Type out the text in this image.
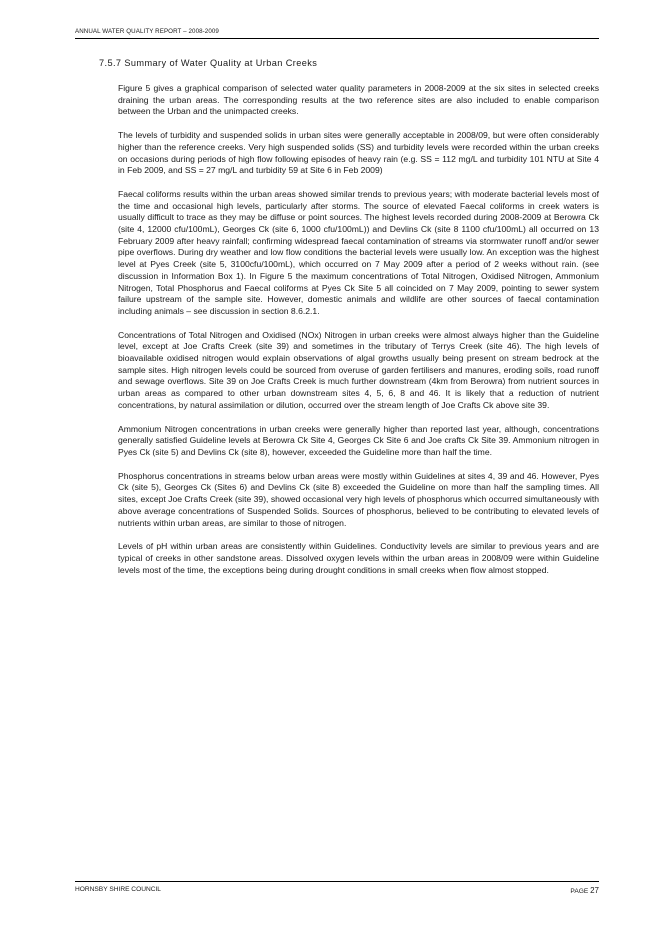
ANNUAL WATER QUALITY REPORT – 2008-2009
7.5.7 Summary of Water Quality at Urban Creeks

Figure 5 gives a graphical comparison of selected water quality parameters in 2008-2009 at the six sites in selected creeks draining the urban areas. The corresponding results at the two reference sites are also included to enable comparison between the Urban and the unimpacted creeks.

The levels of turbidity and suspended solids in urban sites were generally acceptable in 2008/09, but were often considerably higher than the reference creeks. Very high suspended solids (SS) and turbidity levels were recorded within the urban creeks on occasions during periods of high flow following episodes of heavy rain (e.g. SS = 112 mg/L and turbidity 101 NTU at Site 4 in Feb 2009, and SS = 27 mg/L and turbidity 59 at Site 6 in Feb 2009)

Faecal coliforms results within the urban areas showed similar trends to previous years; with moderate bacterial levels most of the time and occasional high levels, particularly after storms. The source of elevated Faecal coliforms in creek waters is usually difficult to trace as they may be diffuse or point sources. The highest levels recorded during 2008-2009 at Berowra Ck (site 4, 12000 cfu/100mL), Georges Ck (site 6, 1000 cfu/100mL)) and Devlins Ck (site 8 1100 cfu/100mL) all occurred on 13 February 2009 after heavy rainfall; confirming widespread faecal contamination of streams via stormwater runoff and/or sewer pipe overflows. During dry weather and low flow conditions the bacterial levels were usually low. An exception was the highest level at Pyes Creek (site 5, 3100cfu/100mL), which occurred on 7 May 2009 after a period of 2 weeks without rain. (see discussion in Information Box 1). In Figure 5 the maximum concentrations of Total Nitrogen, Oxidised Nitrogen, Ammonium Nitrogen, Total Phosphorus and Faecal coliforms at Pyes Ck Site 5 all coincided on 7 May 2009, pointing to sewer system failure upstream of the sample site. However, domestic animals and wildlife are other sources of faecal contamination including animals – see discussion in section 8.6.2.1.

Concentrations of Total Nitrogen and Oxidised (NOx) Nitrogen in urban creeks were almost always higher than the Guideline level, except at Joe Crafts Creek (site 39) and sometimes in the tributary of Terrys Creek (site 46). The high levels of bioavailable oxidised nitrogen would explain observations of algal growths usually being present on stream bedrock at the sample sites. High nitrogen levels could be sourced from overuse of garden fertilisers and manures, eroding soils, road runoff and sewage overflows. Site 39 on Joe Crafts Creek is much further downstream (4km from Berowra) from nutrient sources in urban areas as compared to other urban downstream sites 4, 5, 6, 8 and 46. It is likely that a reduction of nutrient concentrations, by natural assimilation or dilution, occurred over the stream length of Joe Crafts Ck above site 39.

Ammonium Nitrogen concentrations in urban creeks were generally higher than reported last year, although, concentrations generally satisfied Guideline levels at Berowra Ck Site 4, Georges Ck Site 6 and Joe crafts Ck Site 39. Ammonium nitrogen in Pyes Ck (site 5) and Devlins Ck (site 8), however, exceeded the Guideline more than half the time.

Phosphorus concentrations in streams below urban areas were mostly within Guidelines at sites 4, 39 and 46. However, Pyes Ck (site 5), Georges Ck (Sites 6) and Devlins Ck (site 8) exceeded the Guideline on more than half the sampling times. All sites, except Joe Crafts Creek (site 39), showed occasional very high levels of phosphorus which occurred simultaneously with above average concentrations of Suspended Solids. Sources of phosphorus, believed to be contributing to elevated levels of nutrients within urban areas, are similar to those of nitrogen.

Levels of pH within urban areas are consistently within Guidelines. Conductivity levels are similar to previous years and are typical of creeks in other sandstone areas. Dissolved oxygen levels within the urban areas in 2008/09 were within Guideline levels most of the time, the exceptions being during drought conditions in small creeks when flow almost stopped.

HORNSBY SHIRE COUNCIL	PAGE 27
